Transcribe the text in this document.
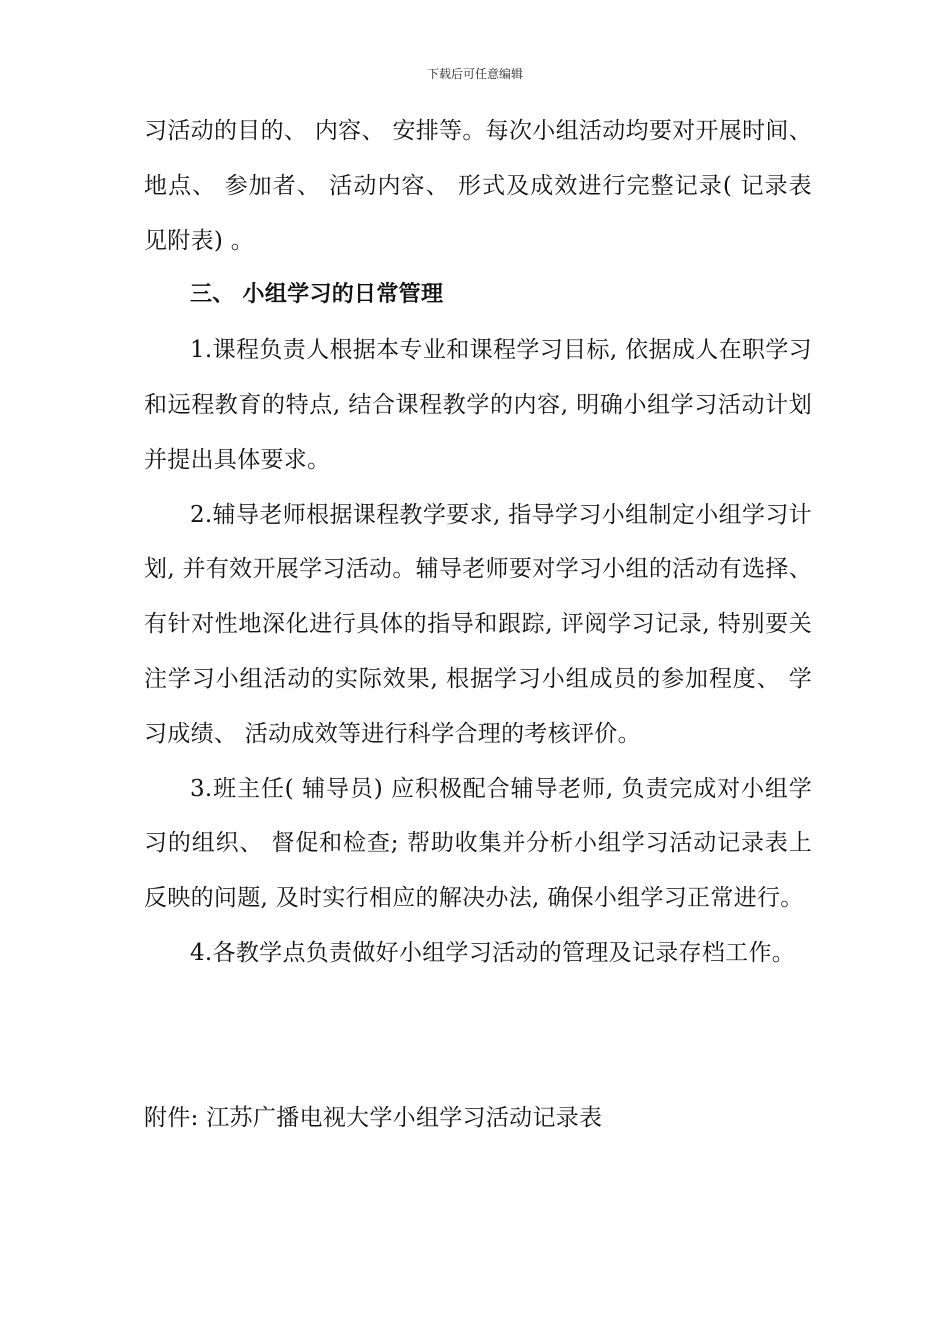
下载后可任意编辑

习活动的目的、 内容、 安排等。每次小组活动均要对开展时间、 地点、 参加者、 活动内容、 形式及成效进行完整记录( 记录表见附表) 。

三、 小组学习的日常管理

1.课程负责人根据本专业和课程学习目标, 依据成人在职学习和远程教育的特点, 结合课程教学的内容, 明确小组学习活动计划并提出具体要求。

2.辅导老师根据课程教学要求, 指导学习小组制定小组学习计划, 并有效开展学习活动。辅导老师要对学习小组的活动有选择、 有针对性地深化进行具体的指导和跟踪, 评阅学习记录, 特别要关注学习小组活动的实际效果, 根据学习小组成员的参加程度、 学习成绩、 活动成效等进行科学合理的考核评价。

3.班主任( 辅导员) 应积极配合辅导老师, 负责完成对小组学习的组织、 督促和检查; 帮助收集并分析小组学习活动记录表上反映的问题, 及时实行相应的解决办法, 确保小组学习正常进行。

4.各教学点负责做好小组学习活动的管理及记录存档工作。

附件: 江苏广播电视大学小组学习活动记录表
